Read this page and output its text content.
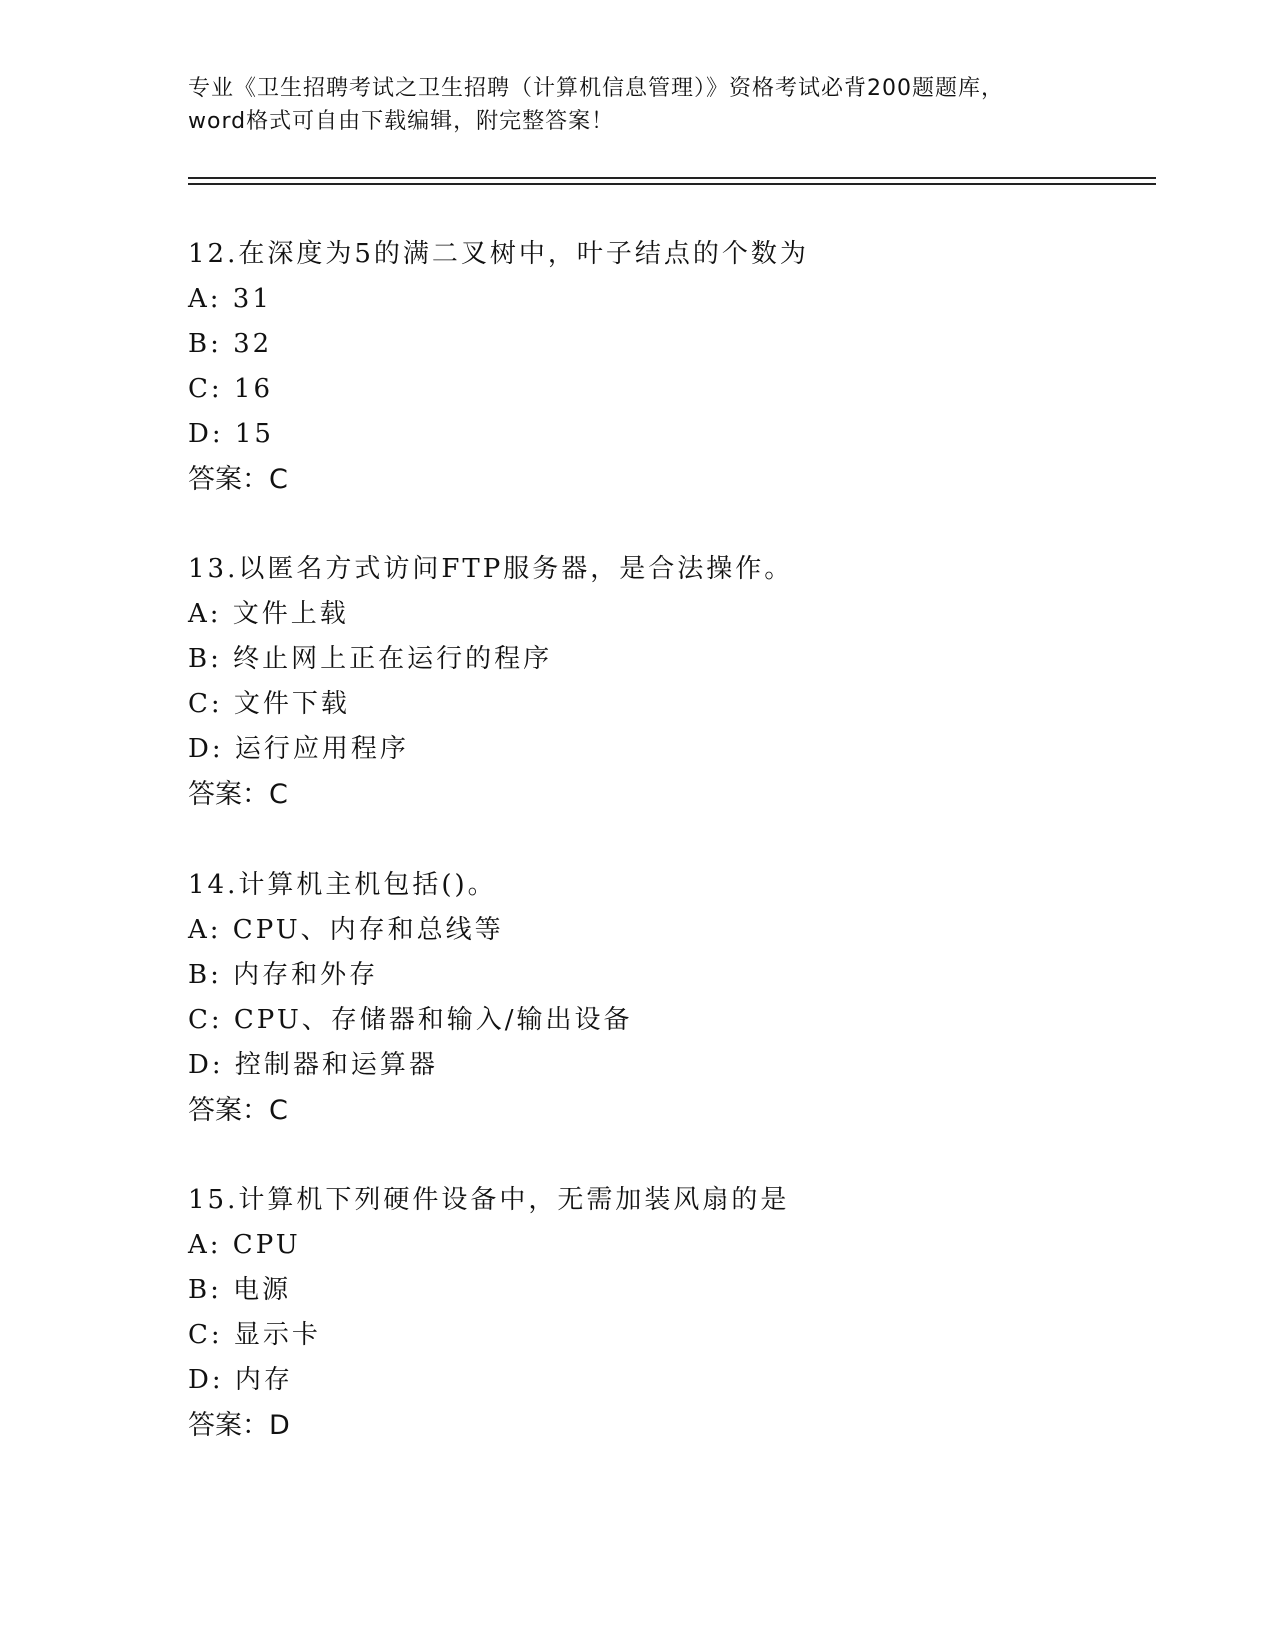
专业《卫生招聘考试之卫生招聘（计算机信息管理）》资格考试必背200题题库，
word格式可自由下载编辑，附完整答案！
12.在深度为5的满二叉树中，叶子结点的个数为
A: 31
B: 32
C: 16
D: 15
答案：C
13.以匿名方式访问FTP服务器，是合法操作。
A: 文件上载
B: 终止网上正在运行的程序
C: 文件下载
D: 运行应用程序
答案：C
14.计算机主机包括()。
A: CPU、内存和总线等
B: 内存和外存
C: CPU、存储器和输入/输出设备
D: 控制器和运算器
答案：C
15.计算机下列硬件设备中，无需加装风扇的是
A: CPU
B: 电源
C: 显示卡
D: 内存
答案：D
